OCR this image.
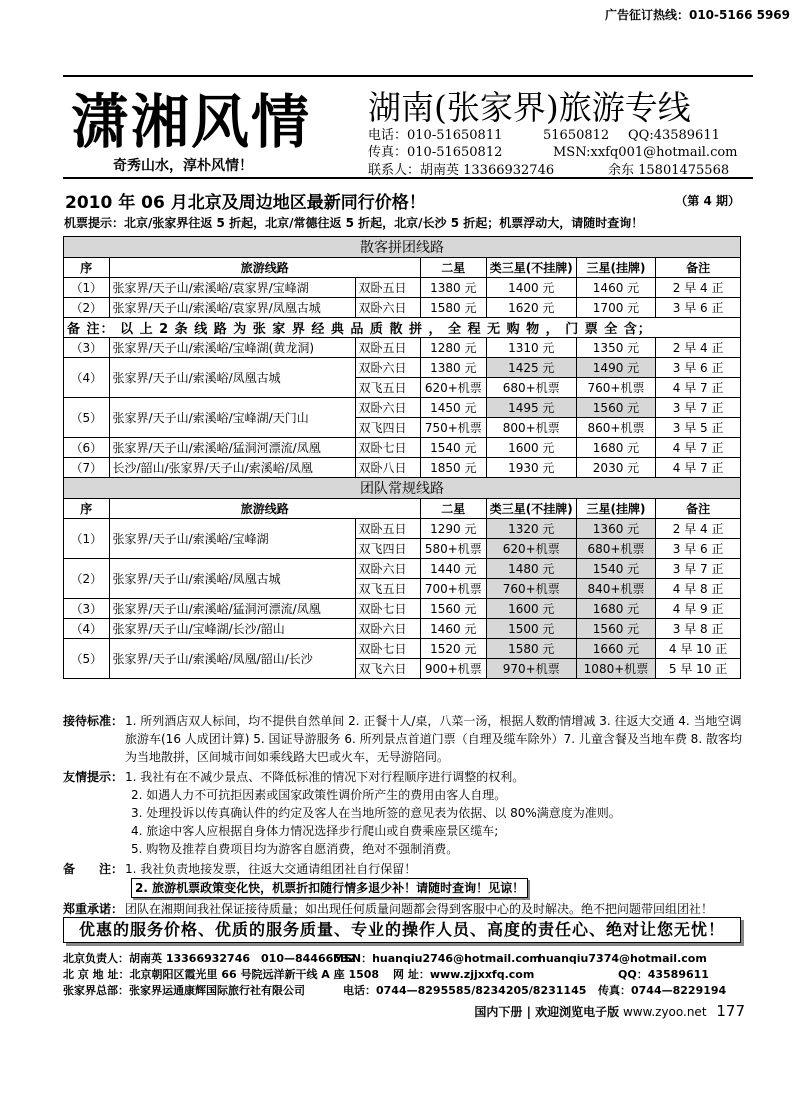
广告征订热线：010-5166 5969
潇湘风情
奇秀山水，淳朴风情！
湖南(张家界)旅游专线
电话：010-51650811	51650812 QQ:43589611
传真：010-51650812	MSN:xxfq001@hotmail.com
联系人：胡南英 13366932746	余东 15801475568
2010 年 06 月北京及周边地区最新同行价格！	（第 4 期）
机票提示：北京/张家界往返 5 折起，北京/常德往返 5 折起，北京/长沙 5 折起；机票浮动大，请随时查询！
散客拼团线路						
序	旅游线路		二星	类三星(不挂牌)	三星(挂牌)	备注
（1）	张家界/天子山/索溪峪/袁家界/宝峰湖	双卧五日	1380 元	1400 元	1460 元	2 早 4 正
（2）	张家界/天子山/索溪峪/袁家界/凤凰古城	双卧六日	1580 元	1620 元	1700 元	3 早 6 正
备 注： 以 上 2 条 线 路 为 张 家 界 经 典 品 质 散 拼 ， 全 程 无 购 物 ， 门 票 全 含；						
（3）	张家界/天子山/索溪峪/宝峰湖(黄龙洞)	双卧五日	1280 元	1310 元	1350 元	2 早 4 正
（4）	张家界/天子山/索溪峪/凤凰古城	双卧六日	1380 元	1425 元	1490 元	3 早 6 正
		双飞五日	620+机票	680+机票	760+机票	4 早 7 正
（5）	张家界/天子山/索溪峪/宝峰湖/天门山	双卧六日	1450 元	1495 元	1560 元	3 早 7 正
		双飞四日	750+机票	800+机票	860+机票	3 早 5 正
（6）	张家界/天子山/索溪峪/猛洞河漂流/凤凰	双卧七日	1540 元	1600 元	1680 元	4 早 7 正
（7）	长沙/韶山/张家界/天子山/索溪峪/凤凰	双卧八日	1850 元	1930 元	2030 元	4 早 7 正
团队常规线路						
序	旅游线路		二星	类三星(不挂牌)	三星(挂牌)	备注
（1）	张家界/天子山/索溪峪/宝峰湖	双卧五日	1290 元	1320 元	1360 元	2 早 4 正
		双飞四日	580+机票	620+机票	680+机票	3 早 6 正
（2）	张家界/天子山/索溪峪/凤凰古城	双卧六日	1440 元	1480 元	1540 元	3 早 7 正
		双飞五日	700+机票	760+机票	840+机票	4 早 8 正
（3）	张家界/天子山/索溪峪/猛洞河漂流/凤凰	双卧七日	1560 元	1600 元	1680 元	4 早 9 正
（4）	张家界/天子山/宝峰湖/长沙/韶山	双卧六日	1460 元	1500 元	1560 元	3 早 8 正
（5）	张家界/天子山/索溪峪/凤凰/韶山/长沙	双卧七日	1520 元	1580 元	1660 元	4 早 10 正
		双飞六日	900+机票	970+机票	1080+机票	5 早 10 正
接待标准： 1. 所列酒店双人标间，均不提供自然单间 2. 正餐十人/桌，八菜一汤，根据人数酌情增减 3. 往返大交通 4. 当地空调旅游车(16 人成团计算) 5. 国证导游服务 6. 所列景点首道门票（自理及缆车除外）7. 儿童含餐及当地车费 8. 散客均为当地散拼，区间城市间如乘线路大巴或火车，无导游陪同。
友情提示： 1. 我社有在不减少景点、不降低标准的情况下对行程顺序进行调整的权利。
2. 如遇人力不可抗拒因素或国家政策性调价所产生的费用由客人自理。
3. 处理投诉以传真确认件的约定及客人在当地所签的意见表为依据、以 80%满意度为准则。
4. 旅途中客人应根据自身体力情况选择步行爬山或自费乘座景区缆车;
5. 购物及推荐自费项目均为游客自愿消费，绝对不强制消费。
备　　注： 1. 我社负责地接发票，往返大交通请组团社自行保留！
2. 旅游机票政策变化快，机票折扣随行情多退少补！请随时查询！见谅！
郑重承诺： 团队在湘期间我社保证接待质量；如出现任何质量问题都会得到客服中心的及时解决。绝不把问题带回组团社！
优惠的服务价格、优质的服务质量、专业的操作人员、高度的责任心、绝对让您无忧！
北京负责人：胡南英 13366932746　010—84466532MSN：huanqiu2746@hotmail.comhuanqiu7374@hotmail.com
北 京 地 址：北京朝阳区霞光里 66 号院远洋新干线 A 座 1508 网 址：www.zjjxxfq.com	QQ：43589611
张家界总部：张家界运通康辉国际旅行社有限公司	电话：0744—8295585/8234205/8231145 传真：0744—8229194
国内下册 | 欢迎浏览电子版 www.zyoo.net 177
